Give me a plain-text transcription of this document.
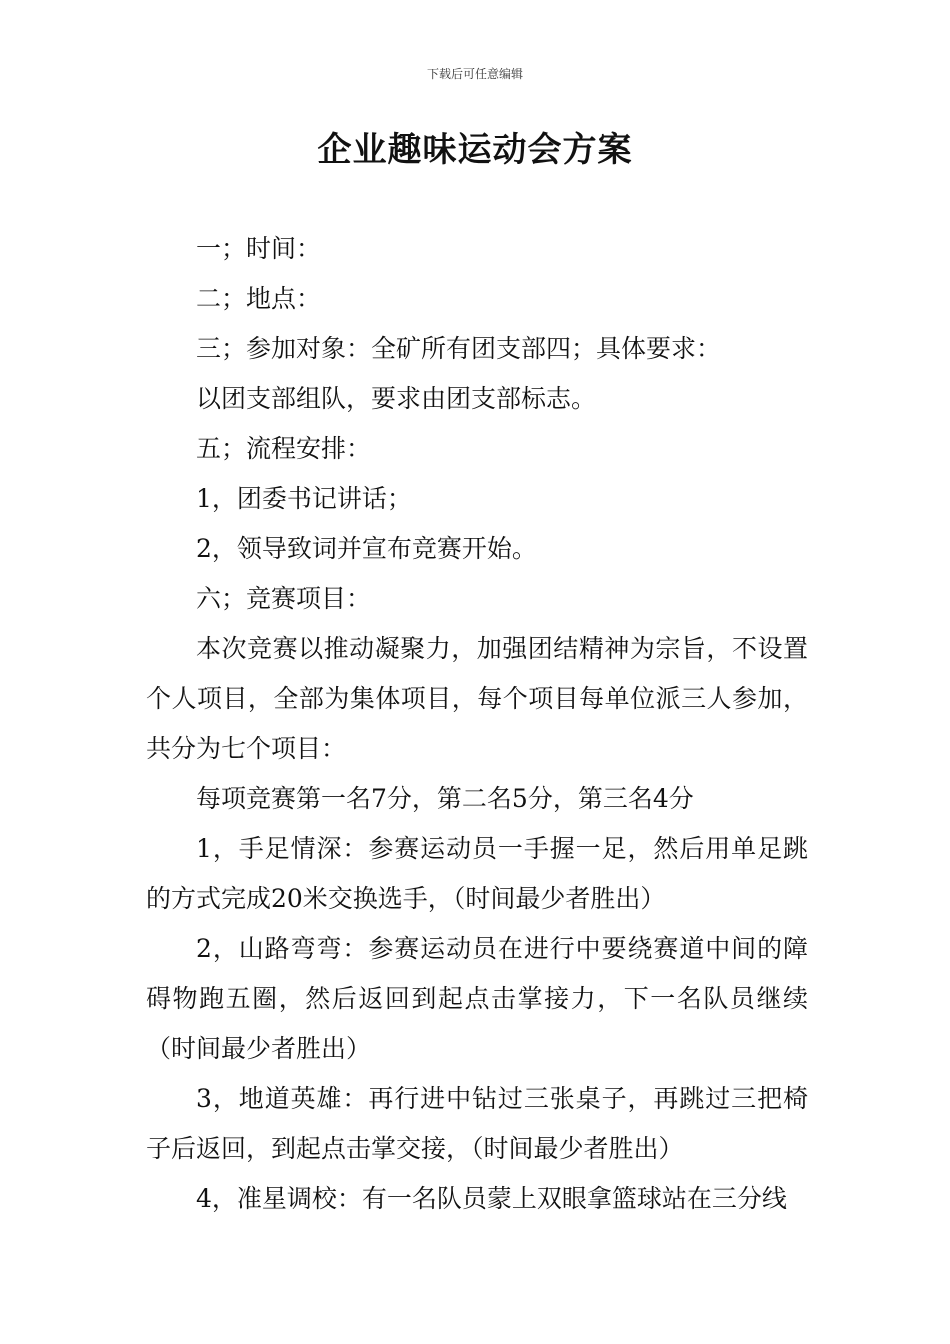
下载后可任意编辑
企业趣味运动会方案

一；时间：

二；地点：

三；参加对象：全矿所有团支部四；具体要求：

以团支部组队，要求由团支部标志。

五；流程安排：

1，团委书记讲话；

2，领导致词并宣布竞赛开始。

六；竞赛项目：

本次竞赛以推动凝聚力，加强团结精神为宗旨，不设置个人项目，全部为集体项目，每个项目每单位派三人参加，共分为七个项目：

每项竞赛第一名7分，第二名5分，第三名4分

1，手足情深：参赛运动员一手握一足，然后用单足跳的方式完成20米交换选手，（时间最少者胜出）

2，山路弯弯：参赛运动员在进行中要绕赛道中间的障碍物跑五圈，然后返回到起点击掌接力，下一名队员继续（时间最少者胜出）

3，地道英雄：再行进中钻过三张桌子，再跳过三把椅子后返回，到起点击掌交接，（时间最少者胜出）

4，准星调校：有一名队员蒙上双眼拿篮球站在三分线
